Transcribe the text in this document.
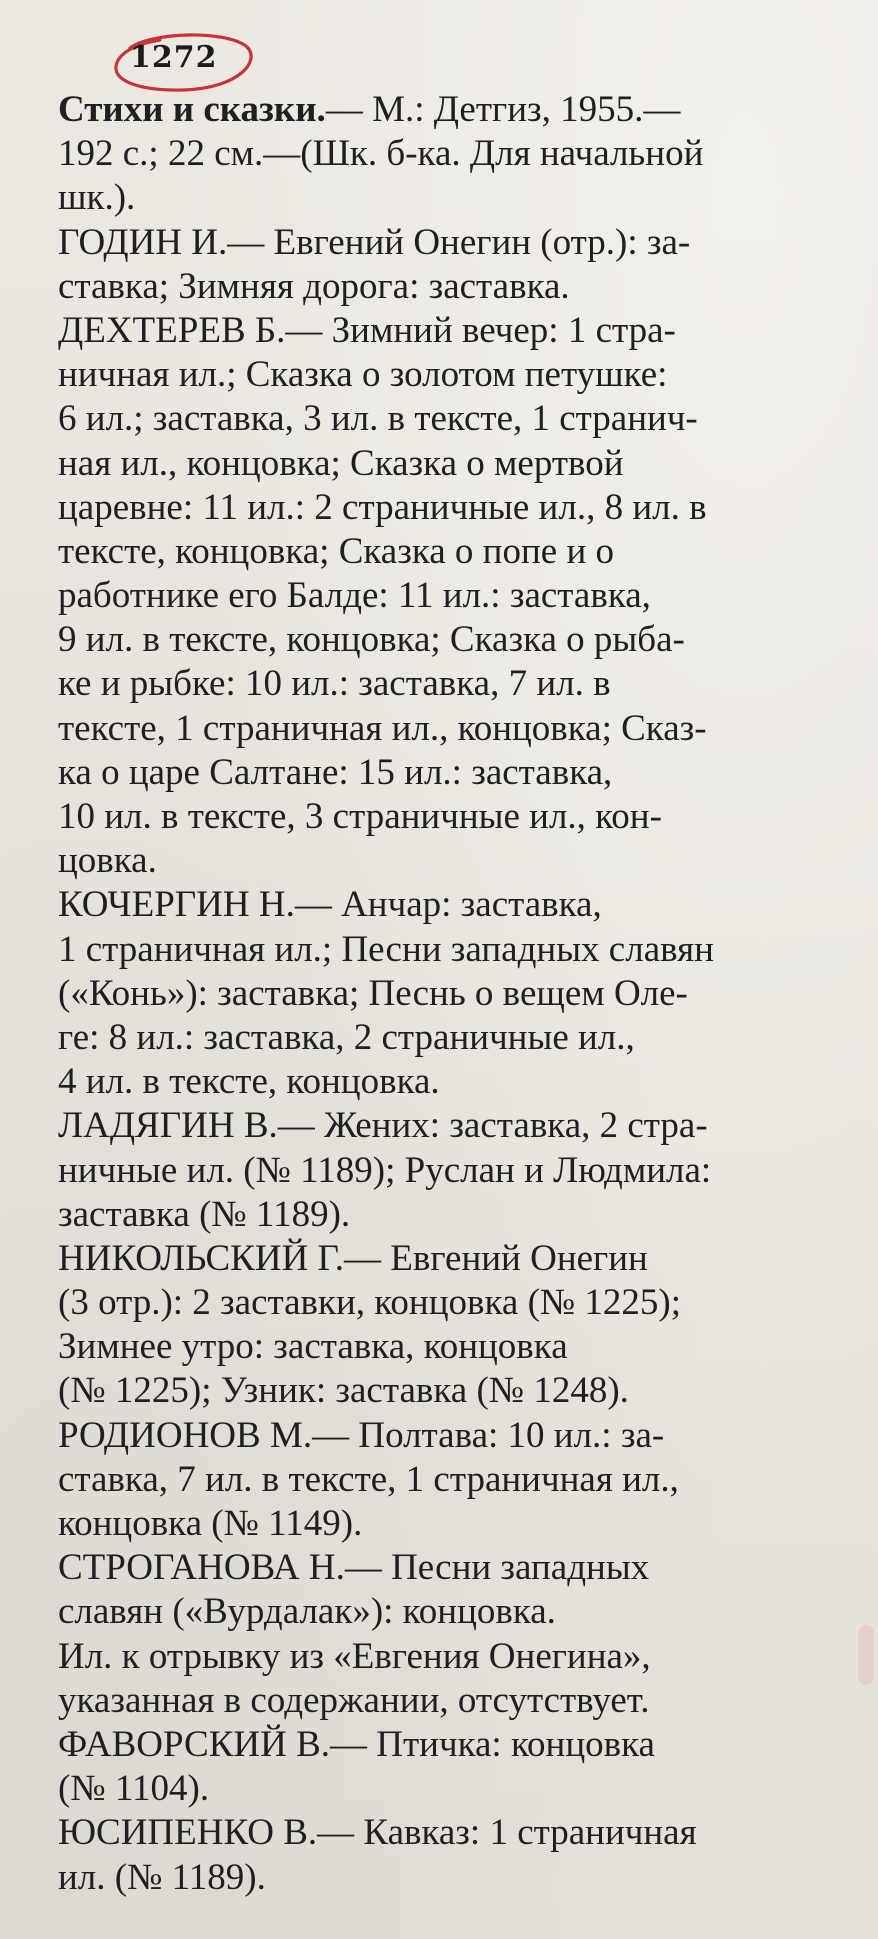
1272
Стихи и сказки.— М.: Детгиз, 1955.—
192 с.; 22 см.—(Шк. б-ка. Для начальной
шк.).
ГОДИН И.— Евгений Онегин (отр.): за-
ставка; Зимняя дорога: заставка.
ДЕХТЕРЕВ Б.— Зимний вечер: 1 стра-
ничная ил.; Сказка о золотом петушке:
6 ил.; заставка, 3 ил. в тексте, 1 странич-
ная ил., концовка; Сказка о мертвой
царевне: 11 ил.: 2 страничные ил., 8 ил. в
тексте, концовка; Сказка о попе и о
работнике его Балде: 11 ил.: заставка,
9 ил. в тексте, концовка; Сказка о рыба-
ке и рыбке: 10 ил.: заставка, 7 ил. в
тексте, 1 страничная ил., концовка; Сказ-
ка о царе Салтане: 15 ил.: заставка,
10 ил. в тексте, 3 страничные ил., кон-
цовка.
КОЧЕРГИН Н.— Анчар: заставка,
1 страничная ил.; Песни западных славян
(«Конь»): заставка; Песнь о вещем Оле-
ге: 8 ил.: заставка, 2 страничные ил.,
4 ил. в тексте, концовка.
ЛАДЯГИН В.— Жених: заставка, 2 стра-
ничные ил. (№ 1189); Руслан и Людмила:
заставка (№ 1189).
НИКОЛЬСКИЙ Г.— Евгений Онегин
(3 отр.): 2 заставки, концовка (№ 1225);
Зимнее утро: заставка, концовка
(№ 1225); Узник: заставка (№ 1248).
РОДИОНОВ М.— Полтава: 10 ил.: за-
ставка, 7 ил. в тексте, 1 страничная ил.,
концовка (№ 1149).
СТРОГАНОВА Н.— Песни западных
славян («Вурдалак»): концовка.
Ил. к отрывку из «Евгения Онегина»,
указанная в содержании, отсутствует.
ФАВОРСКИЙ В.— Птичка: концовка
(№ 1104).
ЮСИПЕНКО В.— Кавказ: 1 страничная
ил. (№ 1189).
